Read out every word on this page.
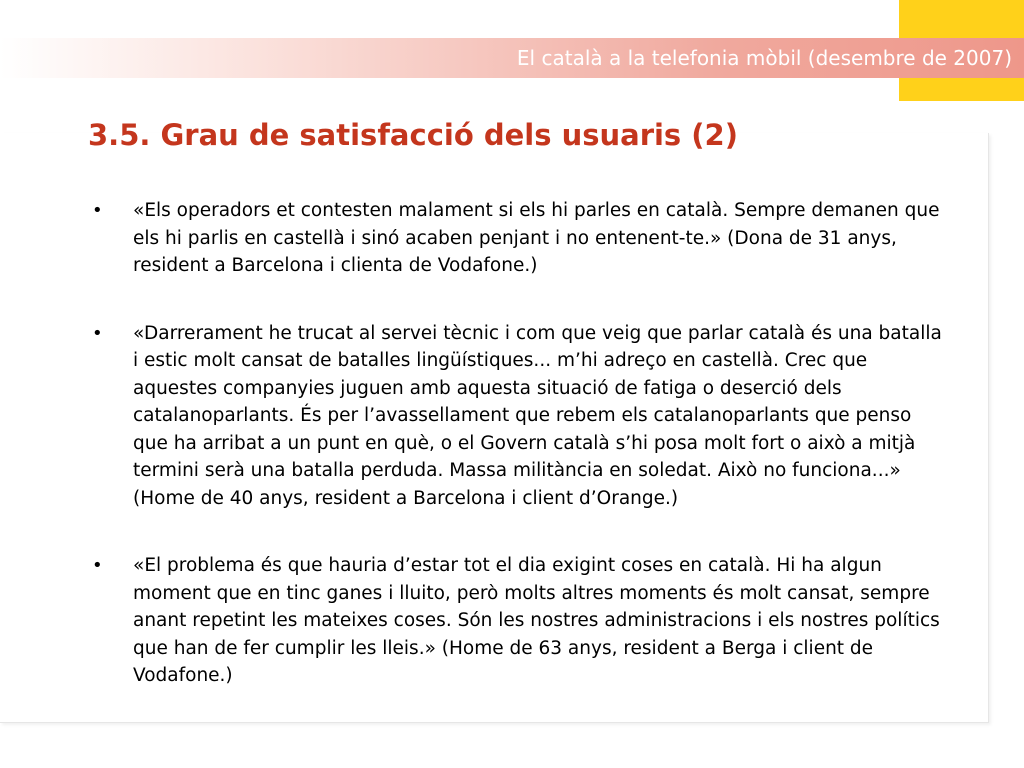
El català a la telefonia mòbil (desembre de 2007)
3.5. Grau de satisfacció dels usuaris (2)
• «Els operadors et contesten malament si els hi parles en català. Sempre demanen que els hi parlis en castellà i sinó acaben penjant i no entenent-te.» (Dona de 31 anys, resident a Barcelona i clienta de Vodafone.)
• «Darrerament he trucat al servei tècnic i com que veig que parlar català és una batalla i estic molt cansat de batalles lingüístiques... m’hi adreço en castellà. Crec que aquestes companyies juguen amb aquesta situació de fatiga o deserció dels catalanoparlants. És per l’avassellament que rebem els catalanoparlants que penso que ha arribat a un punt en què, o el Govern català s’hi posa molt fort o això a mitjà termini serà una batalla perduda. Massa militància en soledat. Això no funciona...» (Home de 40 anys, resident a Barcelona i client d’Orange.)
• «El problema és que hauria d’estar tot el dia exigint coses en català. Hi ha algun moment que en tinc ganes i lluito, però molts altres moments és molt cansat, sempre anant repetint les mateixes coses. Són les nostres administracions i els nostres polítics que han de fer cumplir les lleis.» (Home de 63 anys, resident a Berga i client de Vodafone.)
